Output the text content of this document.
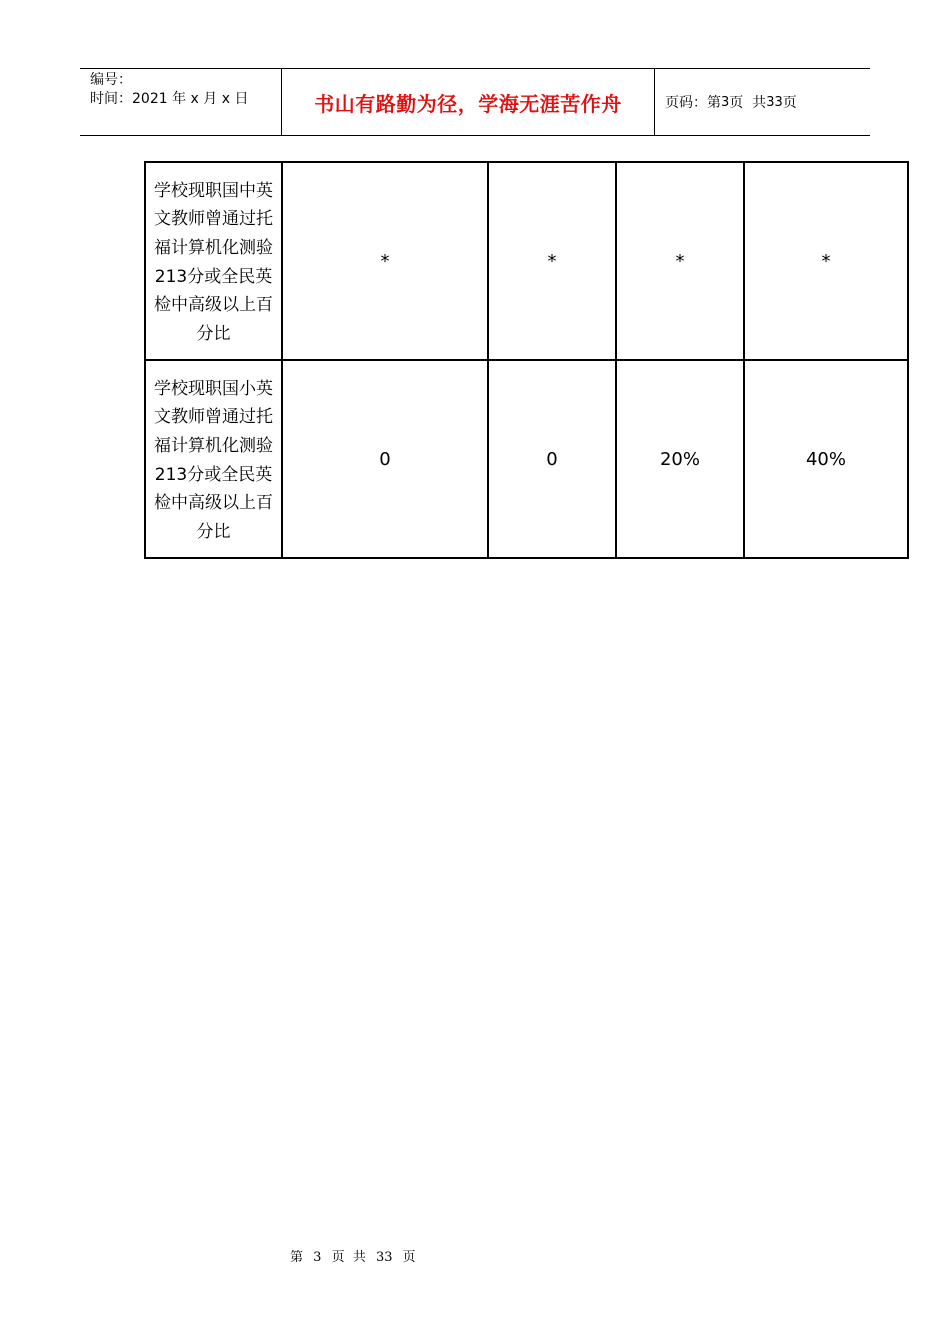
编号：
时间：2021 年 x 月 x 日	书山有路勤为径，学海无涯苦作舟	页码：第 3 页  共 33 页
学校现职国中英文教师曾通过托福计算机化测验213分或全民英检中高级以上百分比	*	*	*	*
学校现职国小英文教师曾通过托福计算机化测验213分或全民英检中高级以上百分比	0	0	20%	40%
第 3 页  共 33 页
